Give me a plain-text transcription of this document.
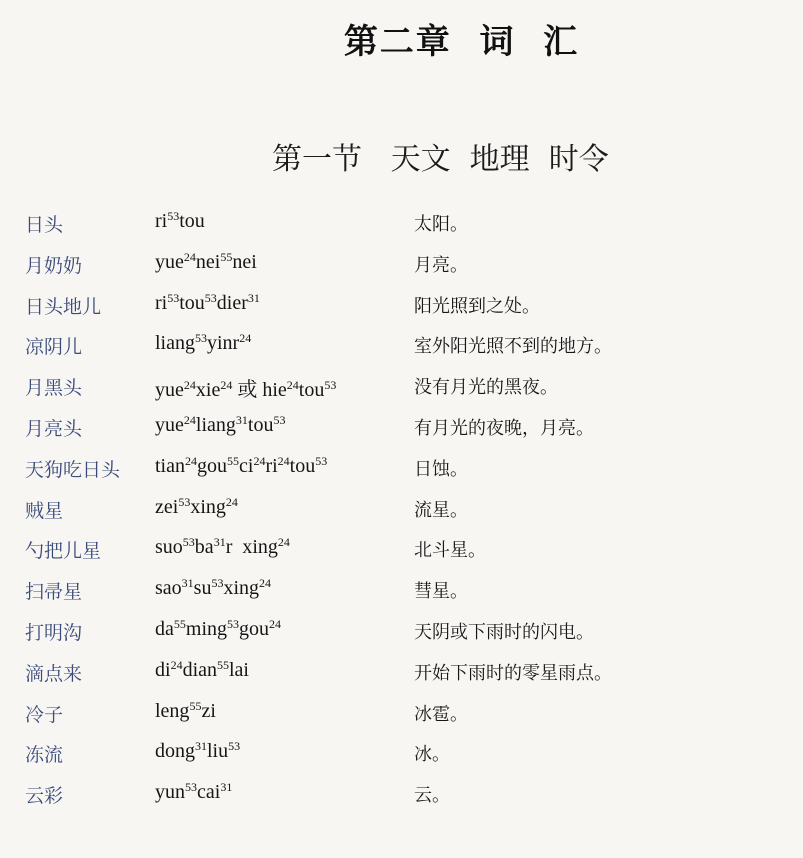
第二章  词  汇
第一节   天文  地理  时令
日头	$ri^{53}tou$	太阳。
月奶奶	yue$^{24}$nei$^{55}$nei	月亮。
日头地儿	$ri^{53}tou^{53}dier^{31}$	阳光照到之处。
凉阴儿	liang$^{53}$yinr$^{24}$	室外阳光照不到的地方。
月黑头	yue$^{24}$xie$^{24}$ 或 hie$^{24}$tou$^{53}$	没有月光的黑夜。
月亮头	yue$^{24}$liang$^{31}$tou$^{53}$	有月光的夜晚，月亮。
天狗吃日头 $tian^{24}gou^{55}ci^{24}ri^{24}tou^{53}$	日蚀。
贼星	zei$^{53}$xing$^{24}$	流星。
勺把儿星	$suo^{53}ba^{31}r$  xing$^{24}$	北斗星。
扫帚星	$sao^{31}su^{53}xing^{24}$	彗星。
打明沟	$da^{55}\min g^{53}gou^{24}$	天阴或下雨时的闪电。
滴点来	$di^{24}dian^{55}lai$	开始下雨时的零星雨点。
冷子	leng$^{55}$zi	冰雹。
冻流	dong$^{31}$liu$^{53}$	冰。
云彩	yun$^{53}$cai$^{31}$	云。
